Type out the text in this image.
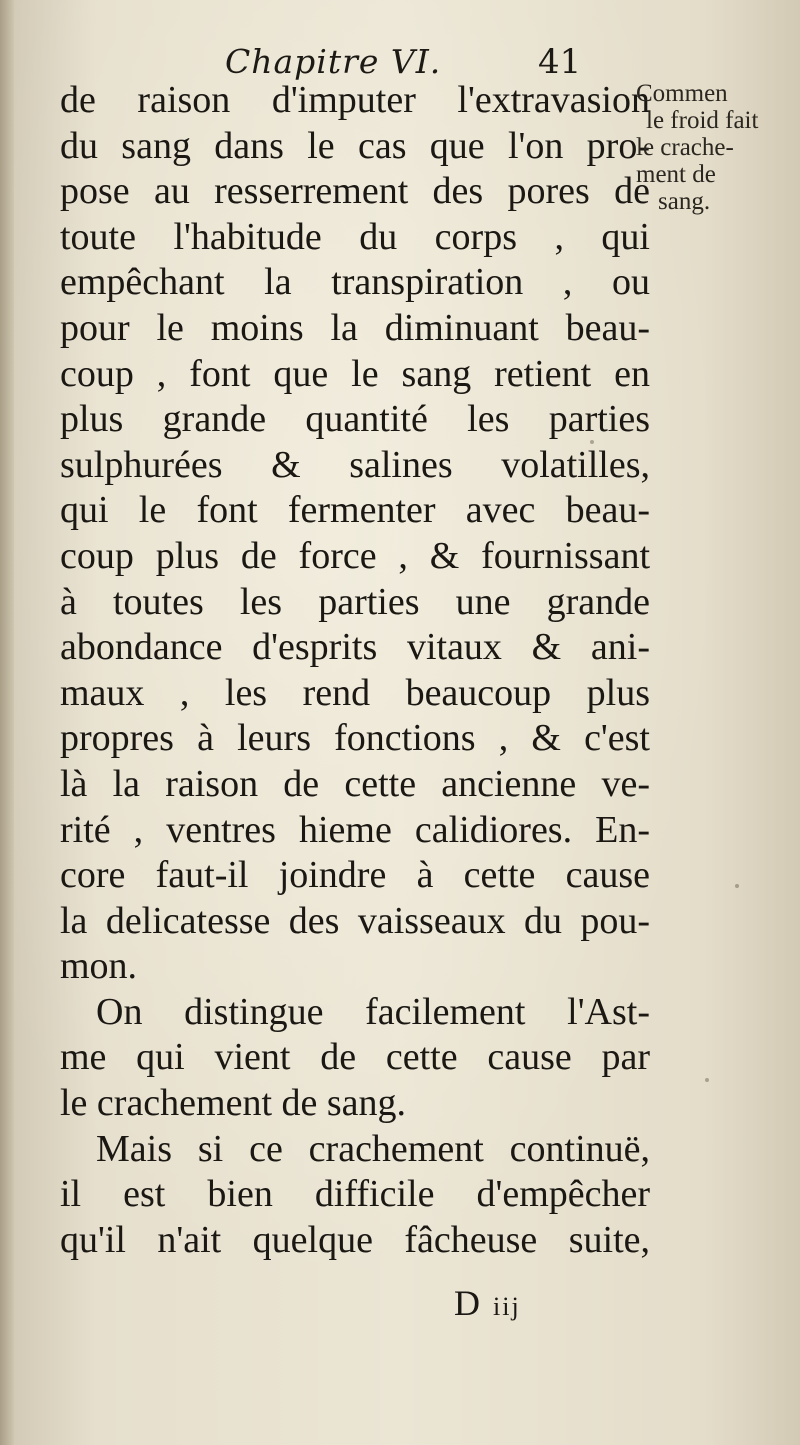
Chapitre VI.	41
de raison d'imputer l'extravasion
du sang dans le cas que l'on pro-
pose au resserrement des pores de
toute l'habitude du corps , qui
empêchant la transpiration , ou
pour le moins la diminuant beau-
coup , font que le sang retient en
plus grande quantité les parties
sulphurées & salines volatilles,
qui le font fermenter avec beau-
coup plus de force , & fournissant
à toutes les parties une grande
abondance d'esprits vitaux & ani-
maux , les rend beaucoup plus
propres à leurs fonctions , & c'est
là la raison de cette ancienne ve-
rité , ventres hieme calidiores. En-
core faut-il joindre à cette cause
la delicatesse des vaisseaux du pou-
mon.
On distingue facilement l'Ast-
me qui vient de cette cause par
le crachement de sang.
Mais si ce crachement continuë,
il est bien difficile d'empêcher
qu'il n'ait quelque fâcheuse suite,
D iij
Commen
le froid fait
le crache-
ment de
sang.
